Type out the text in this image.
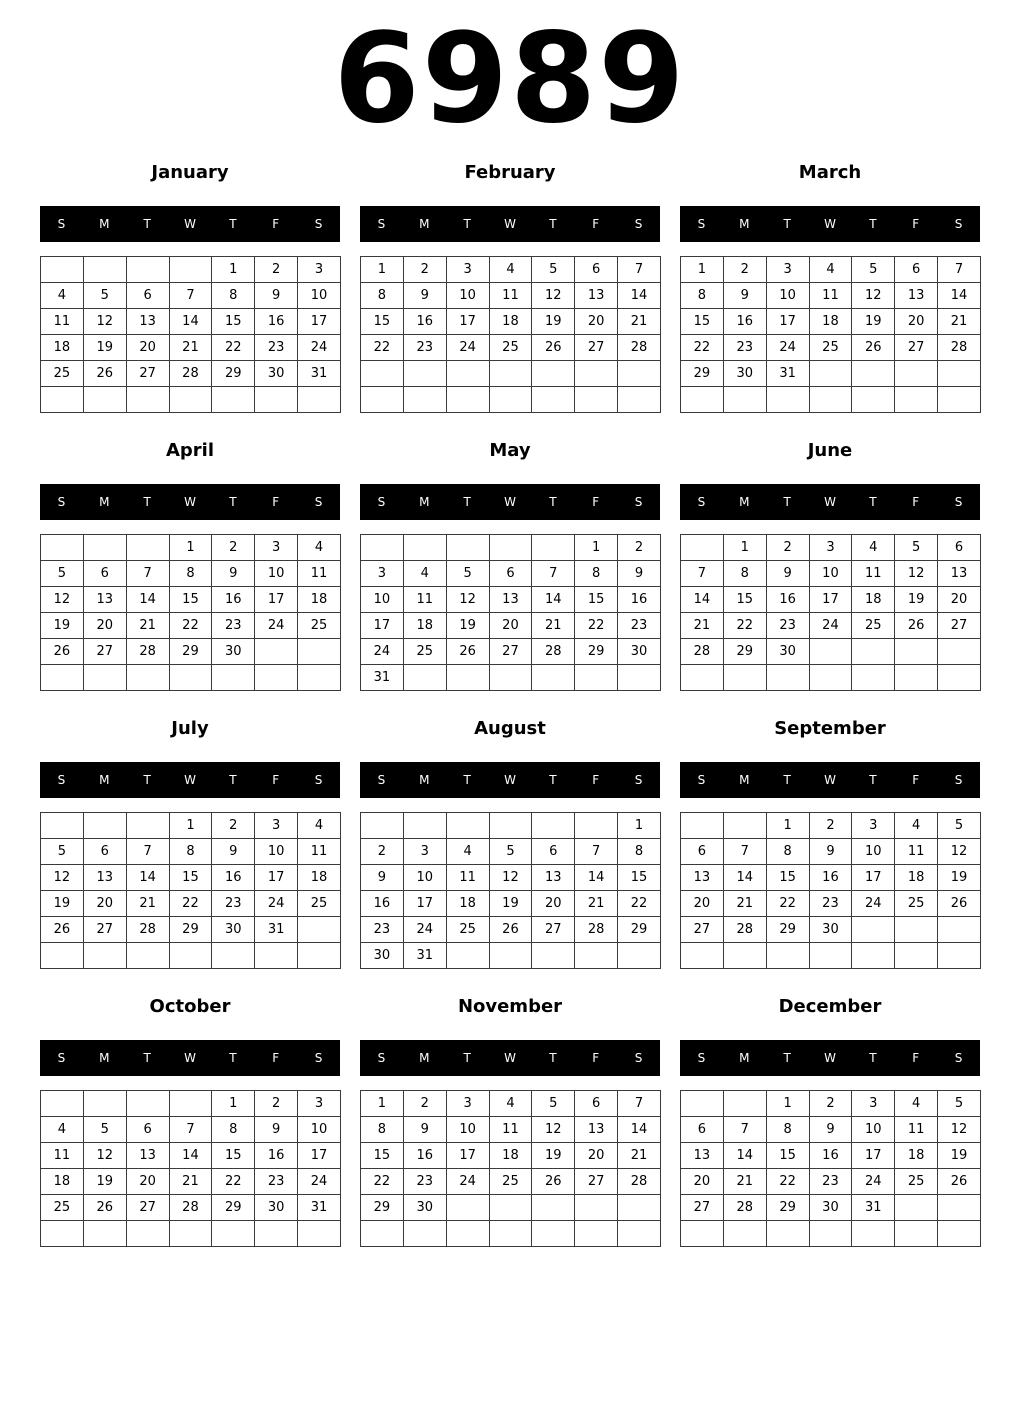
6989
January
S	M	T	W	T	F	S
				1	2	3
4	5	6	7	8	9	10
11	12	13	14	15	16	17
18	19	20	21	22	23	24
25	26	27	28	29	30	31

February
S	M	T	W	T	F	S
1	2	3	4	5	6	7
8	9	10	11	12	13	14
15	16	17	18	19	20	21
22	23	24	25	26	27	28

March
S	M	T	W	T	F	S
1	2	3	4	5	6	7
8	9	10	11	12	13	14
15	16	17	18	19	20	21
22	23	24	25	26	27	28
29	30	31				

April
S	M	T	W	T	F	S
			1	2	3	4
5	6	7	8	9	10	11
12	13	14	15	16	17	18
19	20	21	22	23	24	25
26	27	28	29	30		

May
S	M	T	W	T	F	S
					1	2
3	4	5	6	7	8	9
10	11	12	13	14	15	16
17	18	19	20	21	22	23
24	25	26	27	28	29	30
31						
June
S	M	T	W	T	F	S
	1	2	3	4	5	6
7	8	9	10	11	12	13
14	15	16	17	18	19	20
21	22	23	24	25	26	27
28	29	30				

July
S	M	T	W	T	F	S
			1	2	3	4
5	6	7	8	9	10	11
12	13	14	15	16	17	18
19	20	21	22	23	24	25
26	27	28	29	30	31	

August
S	M	T	W	T	F	S
						1
2	3	4	5	6	7	8
9	10	11	12	13	14	15
16	17	18	19	20	21	22
23	24	25	26	27	28	29
30	31					
September
S	M	T	W	T	F	S
		1	2	3	4	5
6	7	8	9	10	11	12
13	14	15	16	17	18	19
20	21	22	23	24	25	26
27	28	29	30			

October
S	M	T	W	T	F	S
				1	2	3
4	5	6	7	8	9	10
11	12	13	14	15	16	17
18	19	20	21	22	23	24
25	26	27	28	29	30	31

November
S	M	T	W	T	F	S
1	2	3	4	5	6	7
8	9	10	11	12	13	14
15	16	17	18	19	20	21
22	23	24	25	26	27	28
29	30					

December
S	M	T	W	T	F	S
		1	2	3	4	5
6	7	8	9	10	11	12
13	14	15	16	17	18	19
20	21	22	23	24	25	26
27	28	29	30	31		
